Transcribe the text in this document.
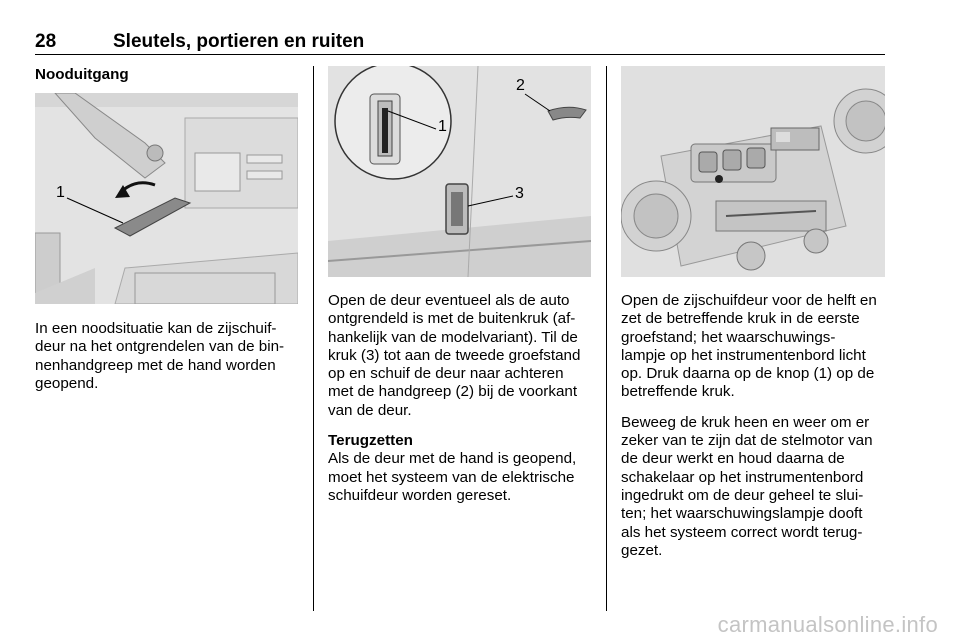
28	Sleutels, portieren en ruiten
Nooduitgang
1
In een noodsituatie kan de zijschuif-
deur na het ontgrendelen van de bin-
nenhandgreep met de hand worden
geopend.
1
2
3
Open de deur eventueel als de auto
ontgrendeld is met de buitenkruk (af-
hankelijk van de modelvariant). Til de
kruk (3) tot aan de tweede groefstand
op en schuif de deur naar achteren
met de handgreep (2) bij de voorkant
van de deur.
Terugzetten
Als de deur met de hand is geopend,
moet het systeem van de elektrische
schuifdeur worden gereset.
Open de zijschuifdeur voor de helft en
zet de betreffende kruk in de eerste
groefstand; het waarschuwings-
lampje op het instrumentenbord licht
op. Druk daarna op de knop (1) op de
betreffende kruk.
Beweeg de kruk heen en weer om er
zeker van te zijn dat de stelmotor van
de deur werkt en houd daarna de
schakelaar op het instrumentenbord
ingedrukt om de deur geheel te slui-
ten; het waarschuwingslampje dooft
als het systeem correct wordt terug-
gezet.
carmanualsonline.info
